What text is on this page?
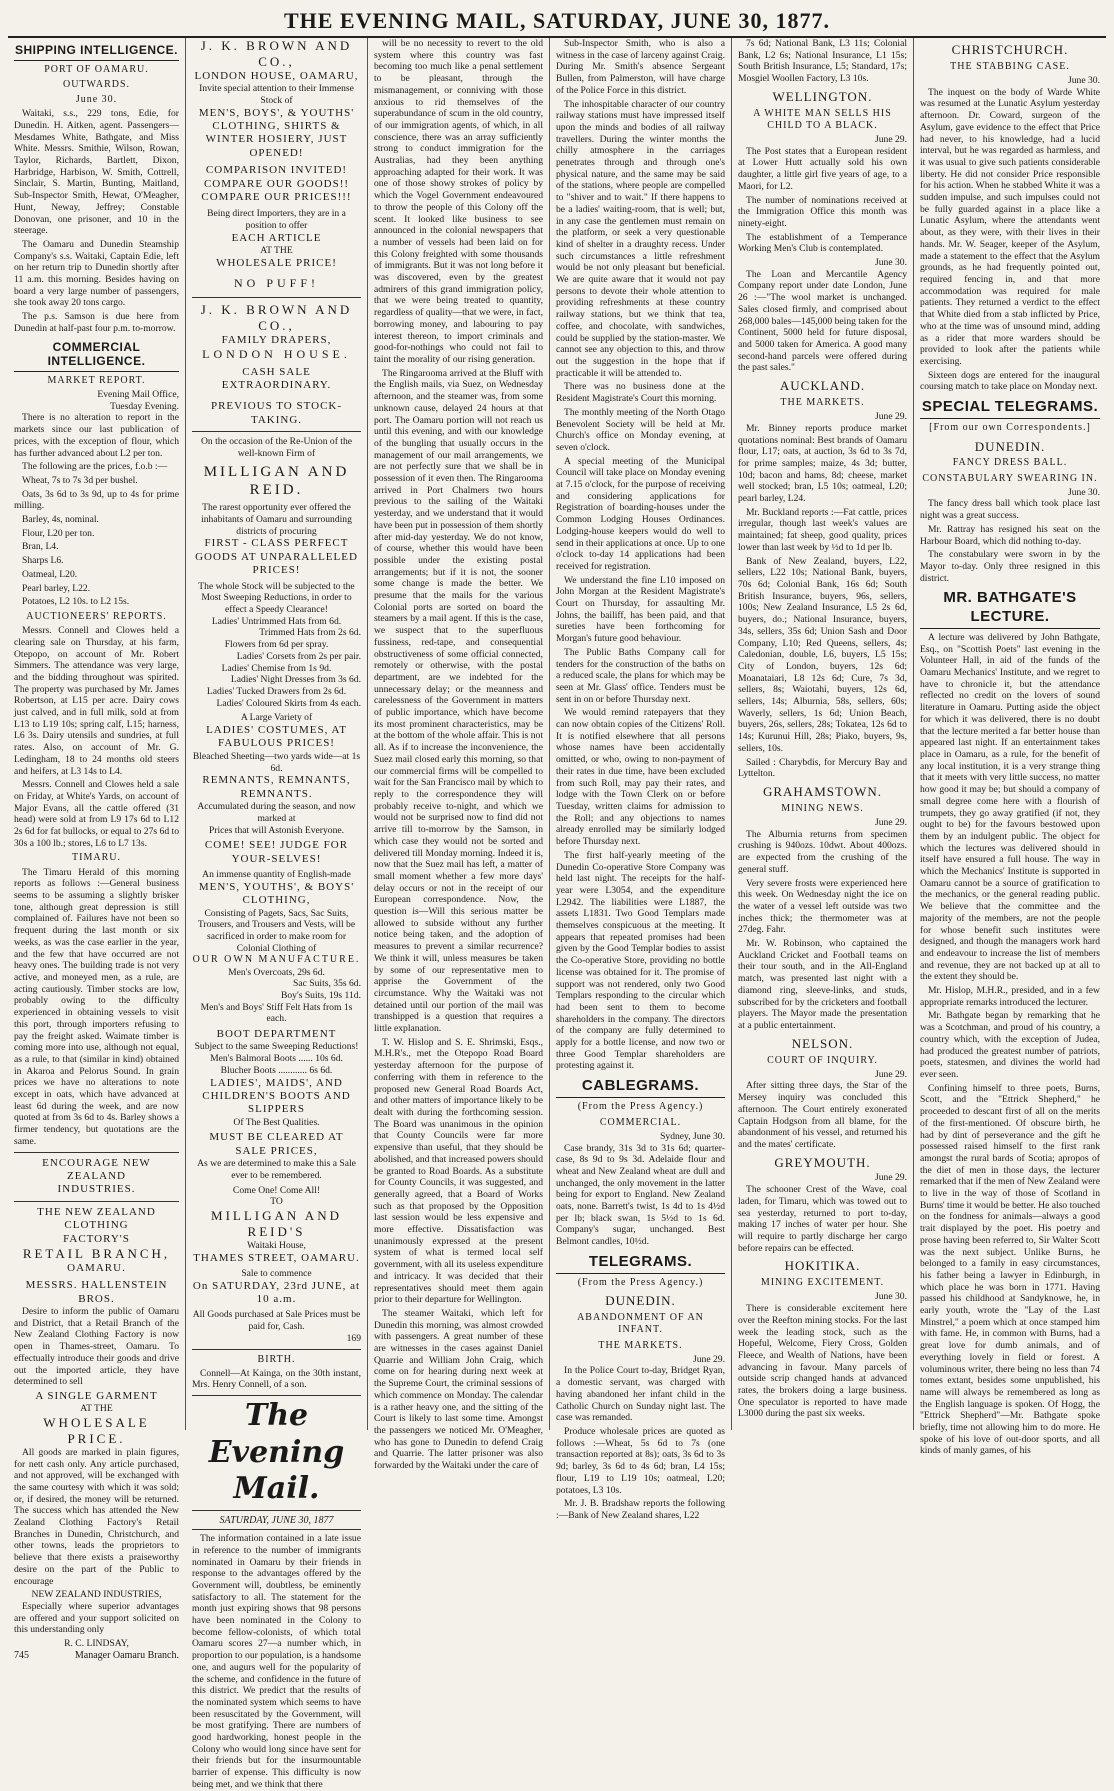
THE EVENING MAIL, SATURDAY, JUNE 30, 1877.
SHIPPING INTELLIGENCE.
PORT OF OAMARU.
OUTWARDS.
June 30.

Waitaki, s.s., 229 tons, Edie, for Dunedin. H. Aitken, agent. Passengers—Mesdames White, Bathgate, and Miss White. Messrs. Smithie, Wilson, Rowan, Taylor, Richards, Bartlett, Dixon, Harbridge, Harbison, W. Smith, Cottrell, Sinclair, S. Martin, Bunting, Maitland, Sub-Inspector Smith, Hewat, O'Meagher, Hunt, Neway, Jeffrey; Constable Donovan, one prisoner, and 10 in the steerage.

The Oamaru and Dunedin Steamship Company's s.s. Waitaki, Captain Edie, left on her return trip to Dunedin shortly after 11 a.m. this morning. Besides having on board a very large number of passengers, she took away 20 tons cargo.

The p.s. Samson is due here from Dunedin at half-past four p.m. to-morrow.

COMMERCIAL INTELLIGENCE.
MARKET REPORT.
Evening Mail Office,
Tuesday Evening.

There is no alteration to report in the markets since our last publication of prices, with the exception of flour, which has further advanced about L2 per ton.

The following are the prices, f.o.b :—

Wheat, 7s to 7s 3d per bushel.

Oats, 3s 6d to 3s 9d, up to 4s for prime milling.

Barley, 4s, nominal.

Flour, L20 per ton.

Bran, L4.

Sharps L6.

Oatmeal, L20.

Pearl barley, L22.

Potatoes, L2 10s. to L2 15s.

AUCTIONEERS' REPORTS.

Messrs. Connell and Clowes held a clearing sale on Thursday, at his farm, Otepopo, on account of Mr. Robert Simmers. The attendance was very large, and the bidding throughout was spirited. The property was purchased by Mr. James Robertson, at L15 per acre. Dairy cows just calved, and in full milk, sold at from L13 to L19 10s; spring calf, L15; harness, L6 3s. Dairy utensils and sundries, at full rates. Also, on account of Mr. G. Ledingham, 18 to 24 months old steers and heifers, at L3 14s to L4.

Messrs. Connell and Clowes held a sale on Friday, at White's Yards, on account of Major Evans, all the cattle offered (31 head) were sold at from L9 17s 6d to L12 2s 6d for fat bullocks, or equal to 27s 6d to 30s a 100 lb.; stores, L6 to L7 13s.

TIMARU.

The Timaru Herald of this morning reports as follows :—General business seems to be assuming a slightly brisker tone, although great depression is still complained of. Failures have not been so frequent during the last month or six weeks, as was the case earlier in the year, and the few that have occurred are not heavy ones. The building trade is not very active, and moneyed men, as a rule, are acting cautiously. Timber stocks are low, probably owing to the difficulty experienced in obtaining vessels to visit this port, through importers refusing to pay the freight asked. Waimate timber is coming more into use, although not equal, as a rule, to that (similar in kind) obtained in Akaroa and Pelorus Sound. In grain prices we have no alterations to note except in oats, which have advanced at least 6d during the week, and are now quoted at from 3s 6d to 4s. Barley shows a firmer tendency, but quotations are the same.

ENCOURAGE NEW ZEALAND
INDUSTRIES.
THE NEW ZEALAND CLOTHING
FACTORY'S
RETAIL BRANCH,
OAMARU.
MESSRS. HALLENSTEIN BROS.

Desire to inform the public of Oamaru and District, that a Retail Branch of the New Zealand Clothing Factory is now open in Thames-street, Oamaru. To effectually introduce their goods and drive out the imported article, they have determined to sell

A SINGLE GARMENT
AT THE
WHOLESALE PRICE.

All goods are marked in plain figures, for nett cash only. Any article purchased, and not approved, will be exchanged with the same courtesy with which it was sold; or, if desired, the money will be returned. The success which has attended the New Zealand Clothing Factory's Retail Branches in Dunedin, Christchurch, and other towns, leads the proprietors to believe that there exists a praiseworthy desire on the part of the Public to encourage

NEW ZEALAND INDUSTRIES,

Especially where superior advantages are offered and your support solicited on this understanding only

R. C. LINDSAY,
745	Manager Oamaru Branch.
J. K. BROWN AND CO.,
LONDON HOUSE, OAMARU,
Invite special attention to their Immense Stock of
MEN'S, BOYS', & YOUTHS' CLOTHING, SHIRTS & WINTER HOSIERY, JUST OPENED!
COMPARISON INVITED!
COMPARE OUR GOODS!!
COMPARE OUR PRICES!!!
Being direct Importers, they are in a position to offer
EACH ARTICLE
AT THE
WHOLESALE PRICE!
NO PUFF!
J. K. BROWN AND CO.,
FAMILY DRAPERS,
LONDON HOUSE.
CASH SALE EXTRAORDINARY.
PREVIOUS TO STOCK-TAKING.
On the occasion of the Re-Union of the well-known Firm of
MILLIGAN AND REID.
The rarest opportunity ever offered the inhabitants of Oamaru and surrounding districts of procuring
FIRST - CLASS PERFECT GOODS AT UNPARALLELED PRICES!
The whole Stock will be subjected to the Most Sweeping Reductions, in order to effect a Speedy Clearance!
Ladies' Untrimmed Hats from 6d.
Trimmed Hats from 2s 6d.
Flowers from 6d per spray.
Ladies' Corsets from 2s per pair.
Ladies' Chemise from 1s 9d.
Ladies' Night Dresses from 3s 6d.
Ladies' Tucked Drawers from 2s 6d.
Ladies' Coloured Skirts from 4s each.
A Large Variety of
LADIES' COSTUMES, AT FABULOUS PRICES!
Bleached Sheeting—two yards wide—at 1s 6d.
REMNANTS, REMNANTS, REMNANTS.
Accumulated during the season, and now marked at
Prices that will Astonish Everyone.
COME! SEE! JUDGE FOR YOUR-SELVES!
An immense quantity of English-made
MEN'S, YOUTHS', & BOYS' CLOTHING,
Consisting of Pagets, Sacs, Sac Suits, Trousers, and Trousers and Vests, will be sacrificed in order to make room for Colonial Clothing of
OUR OWN MANUFACTURE.
Men's Overcoats, 29s 6d.
Sac Suits, 35s 6d.
Boy's Suits, 19s 11d.
Men's and Boys' Stiff Felt Hats from 1s each.
BOOT DEPARTMENT
Subject to the same Sweeping Reductions!
Men's Balmoral Boots ...... 10s 6d.
Blucher Boots ............ 6s 6d.
LADIES', MAIDS', AND CHILDREN'S BOOTS AND SLIPPERS
Of The Best Qualities.
MUST BE CLEARED AT SALE PRICES,
As we are determined to make this a Sale ever to be remembered.
Come One! Come All!
TO
MILLIGAN AND REID'S
Waitaki House,
THAMES STREET, OAMARU.
Sale to commence
On SATURDAY, 23rd JUNE, at 10 a.m.
All Goods purchased at Sale Prices must be paid for, Cash.
169
BIRTH.

Connell—At Kainga, on the 30th instant, Mrs. Henry Connell, of a son.

The Evening Mail.
SATURDAY, JUNE 30, 1877

The information contained in a late issue in reference to the number of immigrants nominated in Oamaru by their friends in response to the advantages offered by the Government will, doubtless, be eminently satisfactory to all. The statement for the month just expiring shows that 98 persons have been nominated in the Colony to become fellow-colonists, of which total Oamaru scores 27—a number which, in proportion to our population, is a handsome one, and augurs well for the popularity of the scheme, and confidence in the future of this district. We predict that the results of the nominated system which seems to have been resuscitated by the Government, will be most gratifying. There are numbers of good hardworking, honest people in the Colony who would long since have sent for their friends but for the insurmountable barrier of expense. This difficulty is now being met, and we think that there

will be no necessity to revert to the old system where this country was fast becoming too much like a penal settlement to be pleasant, through the mismanagement, or conniving with those anxious to rid themselves of the superabundance of scum in the old country, of our immigration agents, of which, in all conscience, there was an array sufficiently strong to conduct immigration for the Australias, had they been anything approaching adapted for their work. It was one of those showy strokes of policy by which the Vogel Government endeavoured to throw the people of this Colony off the scent. It looked like business to see announced in the colonial newspapers that a number of vessels had been laid on for this Colony freighted with some thousands of immigrants. But it was not long before it was discovered, even by the greatest admirers of this grand immigration policy, that we were being treated to quantity, regardless of quality—that we were, in fact, borrowing money, and labouring to pay interest thereon, to import criminals and good-for-nothings who could not fail to taint the morality of our rising generation.

The Ringarooma arrived at the Bluff with the English mails, via Suez, on Wednesday afternoon, and the steamer was, from some unknown cause, delayed 24 hours at that port. The Oamaru portion will not reach us until this evening, and with our knowledge of the bungling that usually occurs in the management of our mail arrangements, we are not perfectly sure that we shall be in possession of it even then. The Ringarooma arrived in Port Chalmers two hours previous to the sailing of the Waitaki yesterday, and we understand that it would have been put in possession of them shortly after mid-day yesterday. We do not know, of course, whether this would have been possible under the existing postal arrangements; but if it is not, the sooner some change is made the better. We presume that the mails for the various Colonial ports are sorted on board the steamers by a mail agent. If this is the case, we suspect that to the superfluous fussiness, red-tape, and consequential obstructiveness of some official connected, remotely or otherwise, with the postal department, are we indebted for the unnecessary delay; or the meanness and carelessness of the Government in matters of public importance, which have become its most prominent characteristics, may be at the bottom of the whole affair. This is not all. As if to increase the inconvenience, the Suez mail closed early this morning, so that our commercial firms will be compelled to wait for the San Francisco mail by which to reply to the correspondence they will probably receive to-night, and which we would not be surprised now to find did not arrive till to-morrow by the Samson, in which case they would not be sorted and delivered till Monday morning. Indeed it is, now that the Suez mail has left, a matter of small moment whether a few more days' delay occurs or not in the receipt of our European correspondence. Now, the question is—Will this serious matter be allowed to subside without any further notice being taken, and the adoption of measures to prevent a similar recurrence? We think it will, unless measures be taken by some of our representative men to apprise the Government of the circumstance. Why the Waitaki was not detained until our portion of the mail was transhipped is a question that requires a little explanation.

T. W. Hislop and S. E. Shrimski, Esqs., M.H.R's., met the Otepopo Road Board yesterday afternoon for the purpose of conferring with them in reference to the proposed new General Road Boards Act, and other matters of importance likely to be dealt with during the forthcoming session. The Board was unanimous in the opinion that County Councils were far more expensive than useful, that they should be abolished, and that increased powers should be granted to Road Boards. As a substitute for County Councils, it was suggested, and generally agreed, that a Board of Works such as that proposed by the Opposition last session would be less expensive and more effective. Dissatisfaction was unanimously expressed at the present system of what is termed local self government, with all its useless expenditure and intricacy. It was decided that their representatives should meet them again prior to their departure for Wellington.

The steamer Waitaki, which left for Dunedin this morning, was almost crowded with passengers. A great number of these are witnesses in the cases against Daniel Quarrie and William John Craig, which come on for hearing during next week at the Supreme Court, the criminal sessions of which commence on Monday. The calendar is a rather heavy one, and the sitting of the Court is likely to last some time. Amongst the passengers we noticed Mr. O'Meagher, who has gone to Dunedin to defend Craig and Quarrie. The latter prisoner was also forwarded by the Waitaki under the care of

Sub-Inspector Smith, who is also a witness in the case of larceny against Craig. During Mr. Smith's absence Sergeant Bullen, from Palmerston, will have charge of the Police Force in this district.

The inhospitable character of our country railway stations must have impressed itself upon the minds and bodies of all railway travellers. During the winter months the chilly atmosphere in the carriages penetrates through and through one's physical nature, and the same may be said of the stations, where people are compelled to "shiver and to wait." If there happens to be a ladies' waiting-room, that is well; but, in any case the gentlemen must remain on the platform, or seek a very questionable kind of shelter in a draughty recess. Under such circumstances a little refreshment would be not only pleasant but beneficial. We are quite aware that it would not pay persons to devote their whole attention to providing refreshments at these country railway stations, but we think that tea, coffee, and chocolate, with sandwiches, could be supplied by the station-master. We cannot see any objection to this, and throw out the suggestion in the hope that if practicable it will be attended to.

There was no business done at the Resident Magistrate's Court this morning.

The monthly meeting of the North Otago Benevolent Society will be held at Mr. Church's office on Monday evening, at seven o'clock.

A special meeting of the Municipal Council will take place on Monday evening at 7.15 o'clock, for the purpose of receiving and considering applications for Registration of boarding-houses under the Common Lodging Houses Ordinances. Lodging-house keepers would do well to send in their applications at once. Up to one o'clock to-day 14 applications had been received for registration.

We understand the fine L10 imposed on John Morgan at the Resident Magistrate's Court on Thursday, for assaulting Mr. Johns, the bailiff, has been paid, and that sureties have been forthcoming for Morgan's future good behaviour.

The Public Baths Company call for tenders for the construction of the baths on a reduced scale, the plans for which may be seen at Mr. Glass' office. Tenders must be sent in on or before Thursday next.

We would remind ratepayers that they can now obtain copies of the Citizens' Roll. It is notified elsewhere that all persons whose names have been accidentally omitted, or who, owing to non-payment of their rates in due time, have been excluded from such Roll, may pay their rates, and lodge with the Town Clerk on or before Tuesday, written claims for admission to the Roll; and any objections to names already enrolled may be similarly lodged before Thursday next.

The first half-yearly meeting of the Dunedin Co-operative Store Company was held last night. The receipts for the half-year were L3054, and the expenditure L2942. The liabilities were L1887, the assets L1831. Two Good Templars made themselves conspicuous at the meeting. It appears that repeated promises had been given by the Good Templar bodies to assist the Co-operative Store, providing no bottle license was obtained for it. The promise of support was not rendered, only two Good Templars responding to the circular which had been sent to them to become shareholders in the company. The directors of the company are fully determined to apply for a bottle license, and now two or three Good Templar shareholders are protesting against it.

CABLEGRAMS.
(From the Press Agency.)
COMMERCIAL.
Sydney, June 30.

Case brandy, 31s 3d to 31s 6d; quarter-case, 8s 9d to 9s 3d. Adelaide flour and wheat and New Zealand wheat are dull and unchanged, the only movement in the latter being for export to England. New Zealand oats, none. Barrett's twist, 1s 4d to 1s 4½d per lb; black swan, 1s 5½d to 1s 6d. Company's sugar, unchanged. Best Belmont candles, 10½d.

TELEGRAMS.
(From the Press Agency.)
DUNEDIN.
ABANDONMENT OF AN INFANT.
THE MARKETS.
June 29.

In the Police Court to-day, Bridget Ryan, a domestic servant, was charged with having abandoned her infant child in the Catholic Church on Sunday night last. The case was remanded.

Produce wholesale prices are quoted as follows :—Wheat, 5s 6d to 7s (one transaction reported at 8s); oats, 3s 6d to 3s 9d; barley, 3s 6d to 4s 6d; bran, L4 15s; flour, L19 to L19 10s; oatmeal, L20; potatoes, L3 10s.

Mr. J. B. Bradshaw reports the following :—Bank of New Zealand shares, L22

7s 6d; National Bank, L3 11s; Colonial Bank, L2 6s; National Insurance, L1 15s; South British Insurance, L5; Standard, 17s; Mosgiel Woollen Factory, L3 10s.

WELLINGTON.
A WHITE MAN SELLS HIS CHILD TO A BLACK.
June 29.

The Post states that a European resident at Lower Hutt actually sold his own daughter, a little girl five years of age, to a Maori, for L2.

The number of nominations received at the Immigration Office this month was ninety-eight.

The establishment of a Temperance Working Men's Club is contemplated.

June 30.

The Loan and Mercantile Agency Company report under date London, June 26 :—"The wool market is unchanged. Sales closed firmly, and comprised about 268,000 bales—145,000 being taken for the Continent, 5000 held for future disposal, and 5000 taken for America. A good many second-hand parcels were offered during the past sales."

AUCKLAND.
THE MARKETS.
June 29.

Mr. Binney reports produce market quotations nominal: Best brands of Oamaru flour, L17; oats, at auction, 3s 6d to 3s 7d, for prime samples; maize, 4s 3d; butter, 10d; bacon and hams, 8d; cheese, market well stocked; bran, L5 10s; oatmeal, L20; pearl barley, L24.

Mr. Buckland reports :—Fat cattle, prices irregular, though last week's values are maintained; fat sheep, good quality, prices lower than last week by ½d to 1d per lb.

Bank of New Zealand, buyers, L22, sellers, L22 10s; National Bank, buyers, 70s 6d; Colonial Bank, 16s 6d; South British Insurance, buyers, 96s, sellers, 100s; New Zealand Insurance, L5 2s 6d, buyers, do.; National Insurance, buyers, 34s, sellers, 35s 6d; Union Sash and Door Company, L10; Red Queens, sellers, 4s; Caledonian, double, L6, buyers, L5 15s; City of London, buyers, 12s 6d; Moanataiari, L8 12s 6d; Cure, 7s 3d, sellers, 8s; Waiotahi, buyers, 12s 6d, sellers, 14s; Alburnia, 58s, sellers, 60s; Waverly, sellers, 1s 6d; Union Beach, buyers, 26s, sellers, 28s; Tokatea, 12s 6d to 14s; Kurunui Hill, 28s; Piako, buyers, 9s, sellers, 10s.

Sailed : Charybdis, for Mercury Bay and Lyttelton.

GRAHAMSTOWN.
MINING NEWS.
June 29.

The Alburnia returns from specimen crushing is 940ozs. 10dwt. About 400ozs. are expected from the crushing of the general stuff.

Very severe frosts were experienced here this week. On Wednesday night the ice on the water of a vessel left outside was two inches thick; the thermometer was at 27deg. Fahr.

Mr. W. Robinson, who captained the Auckland Cricket and Football teams on their tour south, and in the All-England match, was presented last night with a diamond ring, sleeve-links, and studs, subscribed for by the cricketers and football players. The Mayor made the presentation at a public entertainment.

NELSON.
COURT OF INQUIRY.
June 29.

After sitting three days, the Star of the Mersey inquiry was concluded this afternoon. The Court entirely exonerated Captain Hodgson from all blame, for the abandonment of his vessel, and returned his and the mates' certificate.

GREYMOUTH.
June 29.

The schooner Crest of the Wave, coal laden, for Timaru, which was towed out to sea yesterday, returned to port to-day, making 17 inches of water per hour. She will require to partly discharge her cargo before repairs can be effected.

HOKITIKA.
MINING EXCITEMENT.
June 30.

There is considerable excitement here over the Reefton mining stocks. For the last week the leading stock, such as the Hopeful, Welcome, Fiery Cross, Golden Fleece, and Wealth of Nations, have been advancing in favour. Many parcels of outside scrip changed hands at advanced rates, the brokers doing a large business. One speculator is reported to have made L3000 during the past six weeks.

CHRISTCHURCH.
THE STABBING CASE.
June 30.

The inquest on the body of Warde White was resumed at the Lunatic Asylum yesterday afternoon. Dr. Coward, surgeon of the Asylum, gave evidence to the effect that Price had never, to his knowledge, had a lucid interval, but he was regarded as harmless, and it was usual to give such patients considerable liberty. He did not consider Price responsible for his action. When he stabbed White it was a sudden impulse, and such impulses could not be fully guarded against in a place like a Lunatic Asylum, where the attendants went about, as they were, with their lives in their hands. Mr. W. Seager, keeper of the Asylum, made a statement to the effect that the Asylum grounds, as he had frequently pointed out, required fencing in, and that more accommodation was required for male patients. They returned a verdict to the effect that White died from a stab inflicted by Price, who at the time was of unsound mind, adding as a rider that more warders should be provided to look after the patients while exercising.

Sixteen dogs are entered for the inaugural coursing match to take place on Monday next.

SPECIAL TELEGRAMS.
[From our own Correspondents.]
DUNEDIN.
FANCY DRESS BALL.
CONSTABULARY SWEARING IN.
June 30.

The fancy dress ball which took place last night was a great success.

Mr. Rattray has resigned his seat on the Harbour Board, which did nothing to-day.

The constabulary were sworn in by the Mayor to-day. Only three resigned in this district.

MR. BATHGATE'S LECTURE.

A lecture was delivered by John Bathgate, Esq., on "Scottish Poets" last evening in the Volunteer Hall, in aid of the funds of the Oamaru Mechanics' Institute, and we regret to have to chronicle it, but the attendance reflected no credit on the lovers of sound literature in Oamaru. Putting aside the object for which it was delivered, there is no doubt that the lecture merited a far better house than appeared last night. If an entertainment takes place in Oamaru, as a rule, for the benefit of any local institution, it is a very strange thing that it meets with very little success, no matter how good it may be; but should a company of small degree come here with a flourish of trumpets, they go away gratified (if not, they ought to be) for the favours bestowed upon them by an indulgent public. The object for which the lectures was delivered should in itself have ensured a full house. The way in which the Mechanics' Institute is supported in Oamaru cannot be a source of gratification to the mechanics, or the general reading public. We believe that the committee and the majority of the members, are not the people for whose benefit such institutes were designed, and though the managers work hard and endeavour to increase the list of members and revenue, they are not backed up at all to the extent they should be.

Mr. Hislop, M.H.R., presided, and in a few appropriate remarks introduced the lecturer.

Mr. Bathgate began by remarking that he was a Scotchman, and proud of his country, a country which, with the exception of Judea, had produced the greatest number of patriots, poets, statesmen, and divines the world had ever seen.

Confining himself to three poets, Burns, Scott, and the "Ettrick Shepherd," he proceeded to descant first of all on the merits of the first-mentioned. Of obscure birth, he had by dint of perseverance and the gift he possessed raised himself to the first rank amongst the rural bards of Scotia; apropos of the diet of men in those days, the lecturer remarked that if the men of New Zealand were to live in the way of those of Scotland in Burns' time it would be better. He also touched on the fondness for animals—always a good trait displayed by the poet. His poetry and prose having been referred to, Sir Walter Scott was the next subject. Unlike Burns, he belonged to a family in easy circumstances, his father being a lawyer in Edinburgh, in which place he was born in 1771. Having passed his childhood at Sandyknowe, he, in early youth, wrote the "Lay of the Last Minstrel," a poem which at once stamped him with fame. He, in common with Burns, had a great love for dumb animals, and of everything lovely in field or forest. A voluminous writer, there being no less than 74 tomes extant, besides some unpublished, his name will always be remembered as long as the English language is spoken. Of Hogg, the "Ettrick Shepherd"—Mr. Bathgate spoke briefly, time not allowing him to do more. He spoke of his love of out-door sports, and all kinds of manly games, of his
